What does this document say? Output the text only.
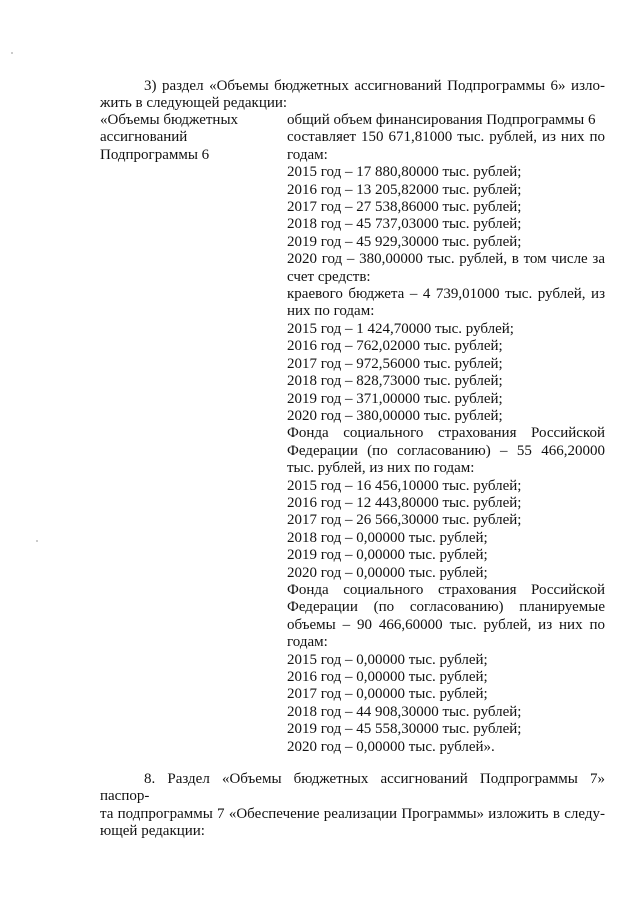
3) раздел «Объемы бюджетных ассигнований Подпрограммы 6» изло-
жить в следующей редакции:
«Объемы бюджетных
ассигнований
Подпрограммы 6
общий объем финансирования Подпрограммы 6
составляет 150 671,81000 тыс. рублей, из них по
годам:
2015 год – 17 880,80000 тыс. рублей;
2016 год – 13 205,82000 тыс. рублей;
2017 год – 27 538,86000 тыс. рублей;
2018 год – 45 737,03000 тыс. рублей;
2019 год – 45 929,30000 тыс. рублей;
2020 год – 380,00000 тыс. рублей, в том числе за
счет средств:
краевого бюджета – 4 739,01000 тыс. рублей, из
них по годам:
2015 год – 1 424,70000 тыс. рублей;
2016 год – 762,02000 тыс. рублей;
2017 год – 972,56000 тыс. рублей;
2018 год – 828,73000 тыс. рублей;
2019 год – 371,00000 тыс. рублей;
2020 год – 380,00000 тыс. рублей;
Фонда социального страхования Российской
Федерации (по согласованию) – 55 466,20000
тыс. рублей, из них по годам:
2015 год – 16 456,10000 тыс. рублей;
2016 год – 12 443,80000 тыс. рублей;
2017 год – 26 566,30000 тыс. рублей;
2018 год – 0,00000 тыс. рублей;
2019 год – 0,00000 тыс. рублей;
2020 год – 0,00000 тыс. рублей;
Фонда социального страхования Российской
Федерации (по согласованию) планируемые
объемы – 90 466,60000 тыс. рублей, из них по
годам:
2015 год – 0,00000 тыс. рублей;
2016 год – 0,00000 тыс. рублей;
2017 год – 0,00000 тыс. рублей;
2018 год – 44 908,30000 тыс. рублей;
2019 год – 45 558,30000 тыс. рублей;
2020 год – 0,00000 тыс. рублей».
8. Раздел «Объемы бюджетных ассигнований Подпрограммы 7» паспор-
та подпрограммы 7 «Обеспечение реализации Программы» изложить в следу-
ющей редакции:
